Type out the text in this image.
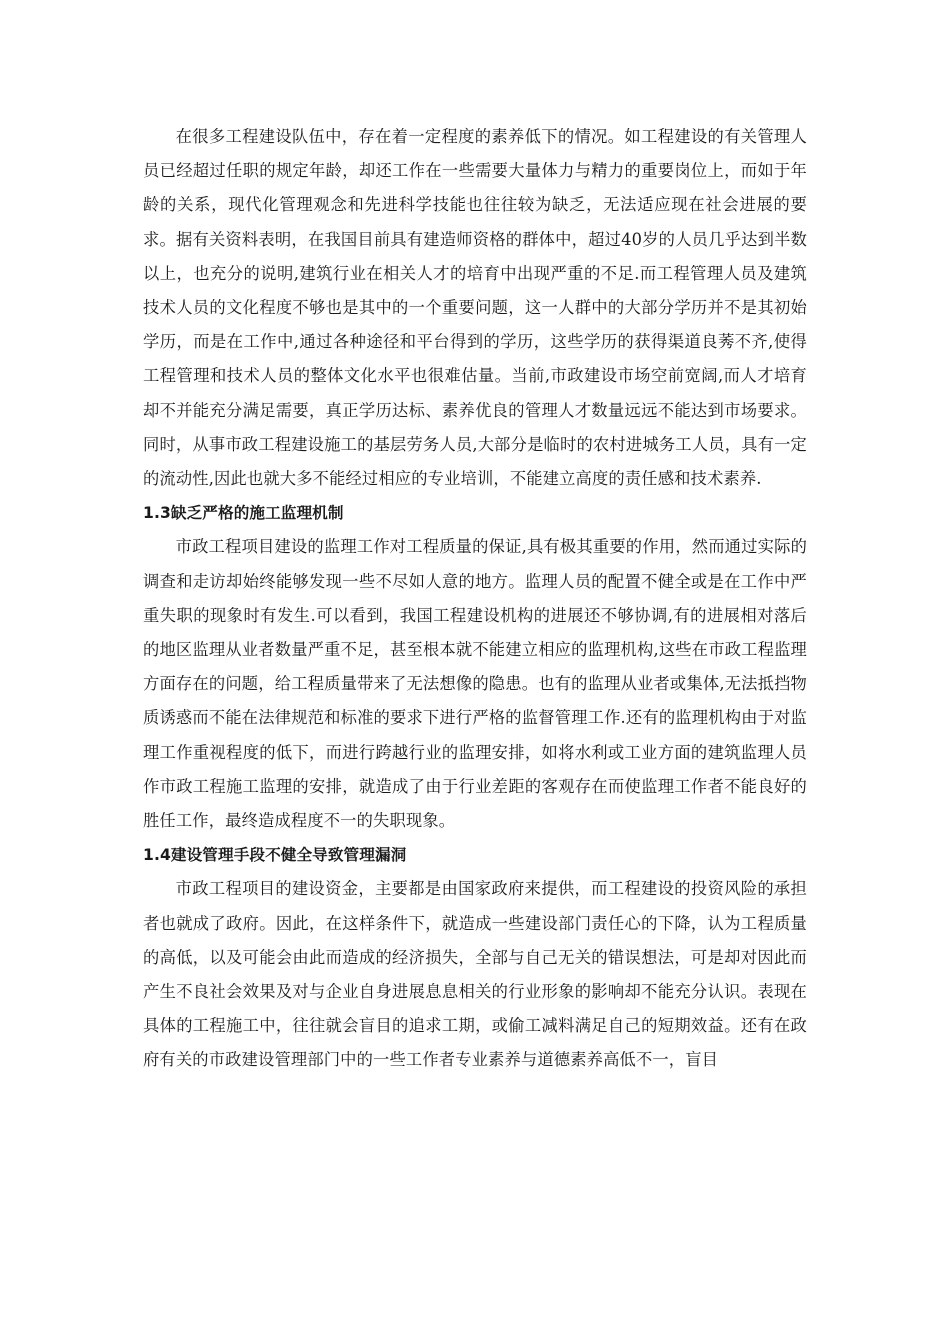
在很多工程建设队伍中，存在着一定程度的素养低下的情况。如工程建设的有关管理人员已经超过任职的规定年龄，却还工作在一些需要大量体力与精力的重要岗位上，而如于年龄的关系，现代化管理观念和先进科学技能也往往较为缺乏，无法适应现在社会进展的要求。据有关资料表明，在我国目前具有建造师资格的群体中，超过40岁的人员几乎达到半数以上，也充分的说明,建筑行业在相关人才的培育中出现严重的不足.而工程管理人员及建筑技术人员的文化程度不够也是其中的一个重要问题，这一人群中的大部分学历并不是其初始学历，而是在工作中,通过各种途径和平台得到的学历，这些学历的获得渠道良莠不齐,使得工程管理和技术人员的整体文化水平也很难估量。当前,市政建设市场空前宽阔,而人才培育却不并能充分满足需要，真正学历达标、素养优良的管理人才数量远远不能达到市场要求。同时，从事市政工程建设施工的基层劳务人员,大部分是临时的农村进城务工人员，具有一定的流动性,因此也就大多不能经过相应的专业培训，不能建立高度的责任感和技术素养.

1.3缺乏严格的施工监理机制

市政工程项目建设的监理工作对工程质量的保证,具有极其重要的作用，然而通过实际的调查和走访却始终能够发现一些不尽如人意的地方。监理人员的配置不健全或是在工作中严重失职的现象时有发生.可以看到，我国工程建设机构的进展还不够协调,有的进展相对落后的地区监理从业者数量严重不足，甚至根本就不能建立相应的监理机构,这些在市政工程监理方面存在的问题，给工程质量带来了无法想像的隐患。也有的监理从业者或集体,无法抵挡物质诱惑而不能在法律规范和标准的要求下进行严格的监督管理工作.还有的监理机构由于对监理工作重视程度的低下，而进行跨越行业的监理安排，如将水利或工业方面的建筑监理人员作市政工程施工监理的安排，就造成了由于行业差距的客观存在而使监理工作者不能良好的胜任工作，最终造成程度不一的失职现象。

1.4建设管理手段不健全导致管理漏洞

市政工程项目的建设资金，主要都是由国家政府来提供，而工程建设的投资风险的承担者也就成了政府。因此，在这样条件下，就造成一些建设部门责任心的下降，认为工程质量的高低，以及可能会由此而造成的经济损失，全部与自己无关的错误想法，可是却对因此而产生不良社会效果及对与企业自身进展息息相关的行业形象的影响却不能充分认识。表现在具体的工程施工中，往往就会盲目的追求工期，或偷工减料满足自己的短期效益。还有在政府有关的市政建设管理部门中的一些工作者专业素养与道德素养高低不一，盲目
